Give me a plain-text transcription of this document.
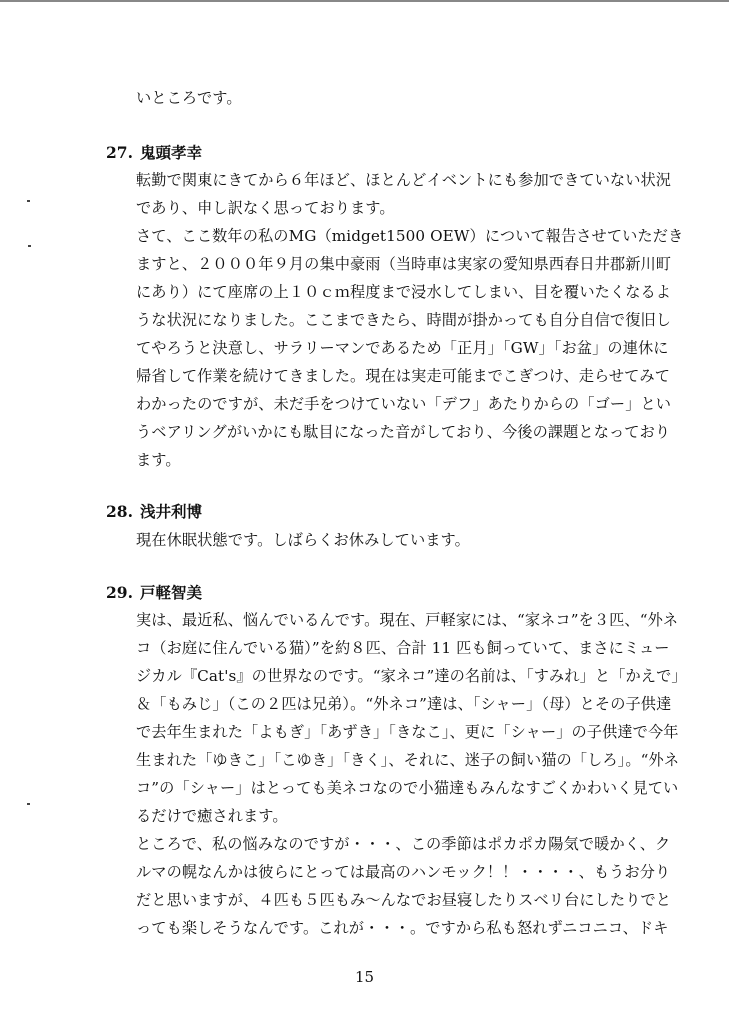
いところです。
27. 鬼頭孝幸
転勤で関東にきてから６年ほど、ほとんどイベントにも参加できていない状況
であり、申し訳なく思っております。
さて、ここ数年の私のMG（midget1500 OEW）について報告させていただき
ますと、２０００年９月の集中豪雨（当時車は実家の愛知県西春日井郡新川町
にあり）にて座席の上１０ｃｍ程度まで浸水してしまい、目を覆いたくなるよ
うな状況になりました。ここまできたら、時間が掛かっても自分自信で復旧し
てやろうと決意し、サラリーマンであるため「正月」「GW」「お盆」の連休に
帰省して作業を続けてきました。現在は実走可能までこぎつけ、走らせてみて
わかったのですが、未だ手をつけていない「デフ」あたりからの「ゴー」とい
うベアリングがいかにも駄目になった音がしており、今後の課題となっており
ます。
28. 浅井利博
現在休眠状態です。しばらくお休みしています。
29. 戸軽智美
実は、最近私、悩んでいるんです。現在、戸軽家には、“家ネコ”を３匹、“外ネ
コ（お庭に住んでいる猫）”を約８匹、合計 11 匹も飼っていて、まさにミュー
ジカル『Cat's』の世界なのです。“家ネコ”達の名前は、「すみれ」と「かえで」
＆「もみじ」（この２匹は兄弟）。“外ネコ”達は、「シャー」（母）とその子供達
で去年生まれた「よもぎ」「あずき」「きなこ」、更に「シャー」の子供達で今年
生まれた「ゆきこ」「こゆき」「きく」、それに、迷子の飼い猫の「しろ」。“外ネ
コ”の「シャー」はとっても美ネコなので小猫達もみんなすごくかわいく見てい
るだけで癒されます。
ところで、私の悩みなのですが・・・、この季節はポカポカ陽気で暖かく、ク
ルマの幌なんかは彼らにとっては最高のハンモック！！・・・・、もうお分り
だと思いますが、４匹も５匹もみ～んなでお昼寝したりスベリ台にしたりでと
っても楽しそうなんです。これが・・・。ですから私も怒れずニコニコ、ドキ
15
